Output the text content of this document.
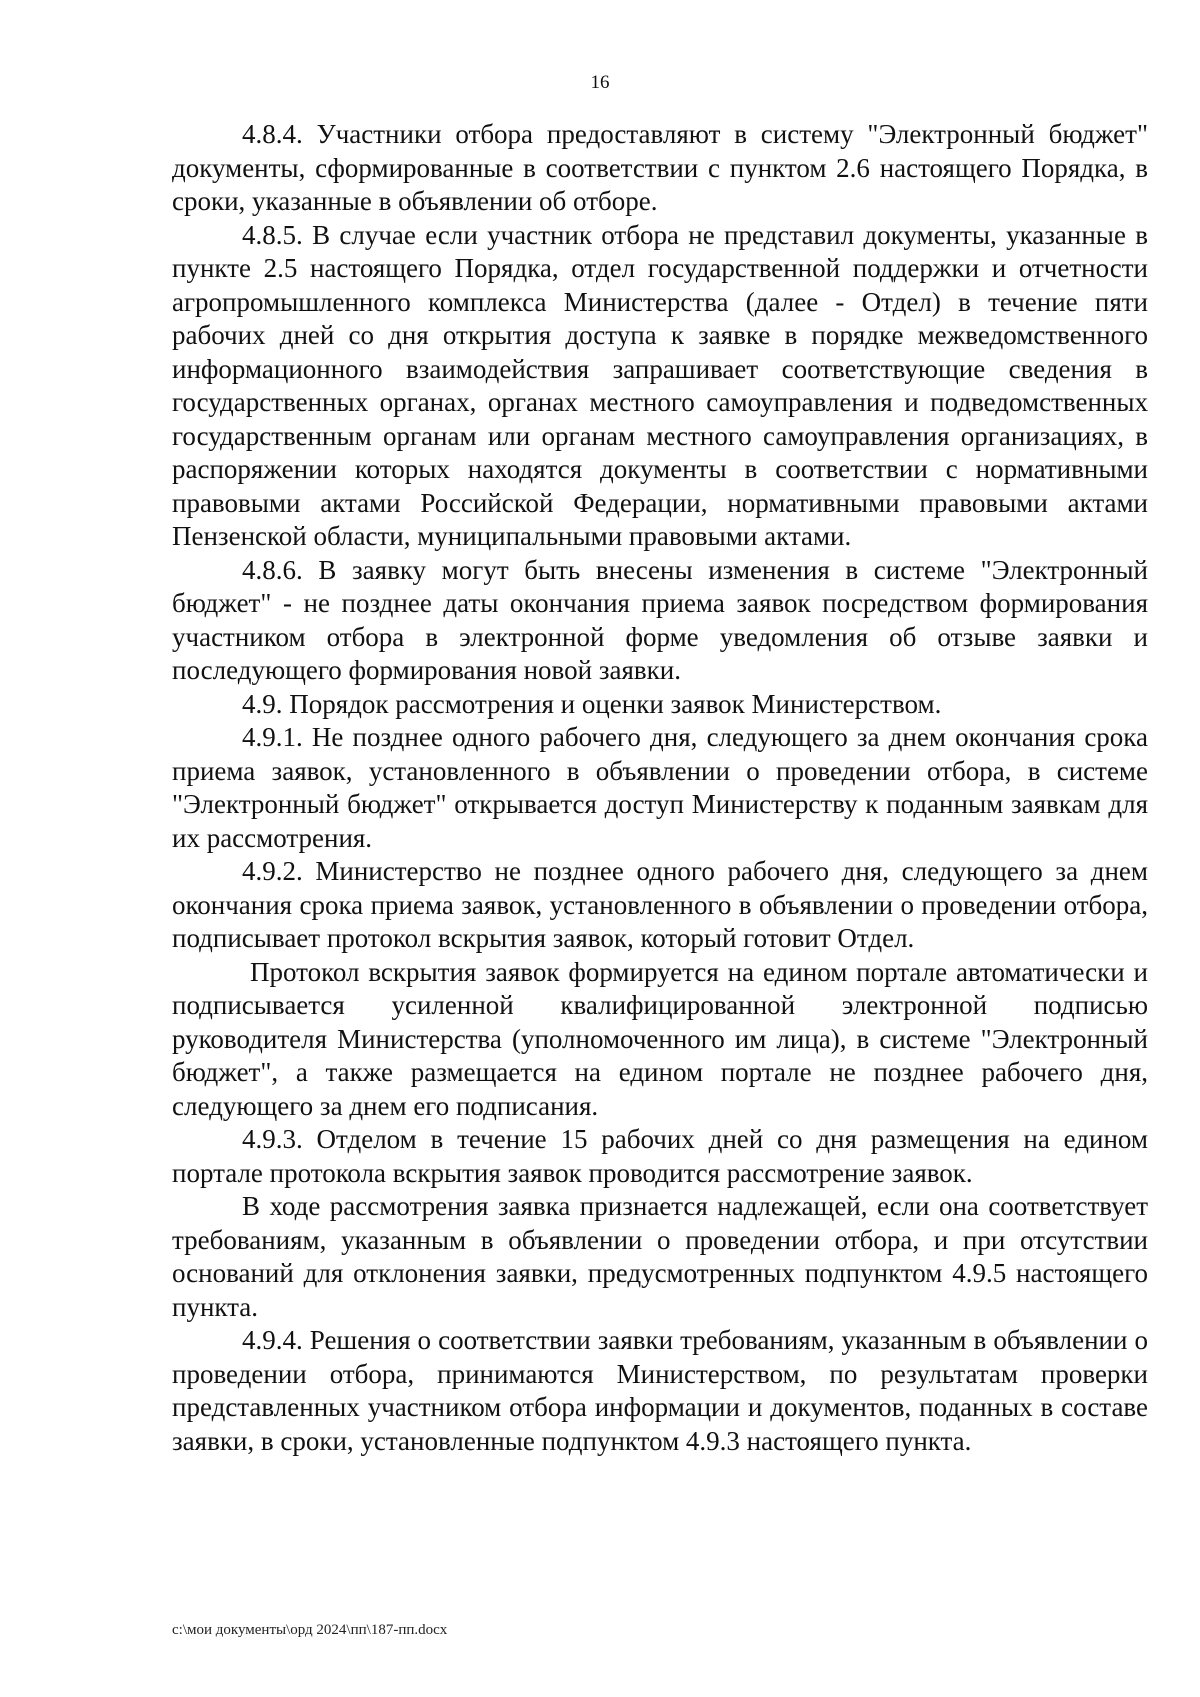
16

4.8.4. Участники отбора предоставляют в систему "Электронный бюджет" документы, сформированные в соответствии с пунктом 2.6 настоящего Порядка, в сроки, указанные в объявлении об отборе.

4.8.5. В случае если участник отбора не представил документы, указанные в пункте 2.5 настоящего Порядка, отдел государственной поддержки и отчетности агропромышленного комплекса Министерства (далее - Отдел) в течение пяти рабочих дней со дня открытия доступа к заявке в порядке межведомственного информационного взаимодействия запрашивает соответствующие сведения в государственных органах, органах местного самоуправления и подведомственных государственным органам или органам местного самоуправления организациях, в распоряжении которых находятся документы в соответствии с нормативными правовыми актами Российской Федерации, нормативными правовыми актами Пензенской области, муниципальными правовыми актами.

4.8.6. В заявку могут быть внесены изменения в системе "Электронный бюджет" - не позднее даты окончания приема заявок посредством формирования участником отбора в электронной форме уведомления об отзыве заявки и последующего формирования новой заявки.

4.9. Порядок рассмотрения и оценки заявок Министерством.

4.9.1. Не позднее одного рабочего дня, следующего за днем окончания срока приема заявок, установленного в объявлении о проведении отбора, в системе "Электронный бюджет" открывается доступ Министерству к поданным заявкам для их рассмотрения.

4.9.2. Министерство не позднее одного рабочего дня, следующего за днем окончания срока приема заявок, установленного в объявлении о проведении отбора, подписывает протокол вскрытия заявок, который готовит Отдел.

Протокол вскрытия заявок формируется на едином портале автоматически и подписывается усиленной квалифицированной электронной подписью руководителя Министерства (уполномоченного им лица), в системе "Электронный бюджет", а также размещается на едином портале не позднее рабочего дня, следующего за днем его подписания.

4.9.3. Отделом в течение 15 рабочих дней со дня размещения на едином портале протокола вскрытия заявок проводится рассмотрение заявок.

В ходе рассмотрения заявка признается надлежащей, если она соответствует требованиям, указанным в объявлении о проведении отбора, и при отсутствии оснований для отклонения заявки, предусмотренных подпунктом 4.9.5 настоящего пункта.

4.9.4. Решения о соответствии заявки требованиям, указанным в объявлении о проведении отбора, принимаются Министерством, по результатам проверки представленных участником отбора информации и документов, поданных в составе заявки, в сроки, установленные подпунктом 4.9.3 настоящего пункта.

c:\мои документы\орд 2024\пп\187-пп.docx
